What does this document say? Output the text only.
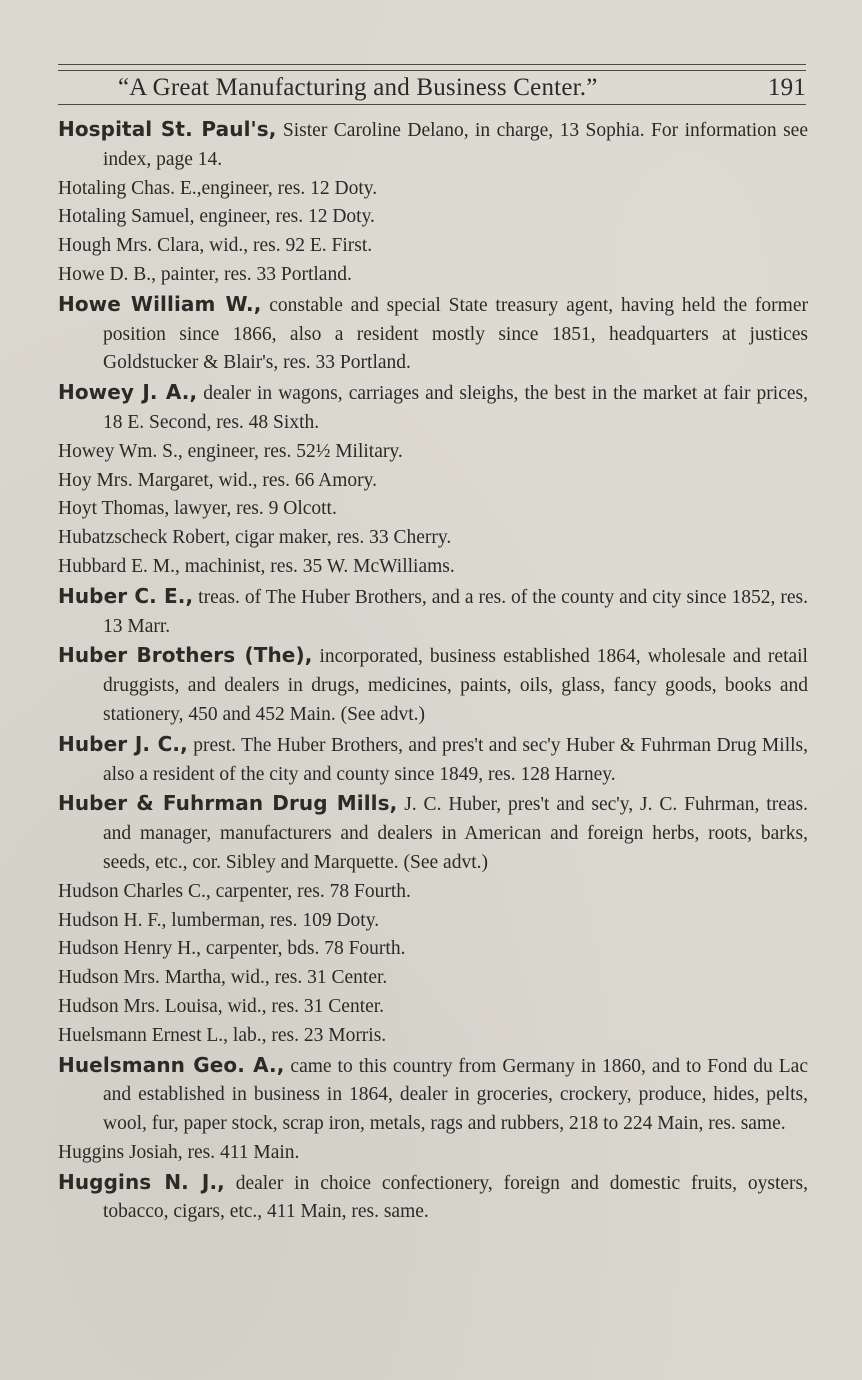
“A Great Manufacturing and Business Center.”	191

Hospital St. Paul's, Sister Caroline Delano, in charge, 13 Sophia. For information see index, page 14.

Hotaling Chas. E.,engineer, res. 12 Doty.

Hotaling Samuel, engineer, res. 12 Doty.

Hough Mrs. Clara, wid., res. 92 E. First.

Howe D. B., painter, res. 33 Portland.

Howe William W., constable and special State treasury agent, having held the former position since 1866, also a resident mostly since 1851, headquarters at justices Goldstucker & Blair's, res. 33 Portland.

Howey J. A., dealer in wagons, carriages and sleighs, the best in the market at fair prices, 18 E. Second, res. 48 Sixth.

Howey Wm. S., engineer, res. 52½ Military.

Hoy Mrs. Margaret, wid., res. 66 Amory.

Hoyt Thomas, lawyer, res. 9 Olcott.

Hubatzscheck Robert, cigar maker, res. 33 Cherry.

Hubbard E. M., machinist, res. 35 W. McWilliams.

Huber C. E., treas. of The Huber Brothers, and a res. of the county and city since 1852, res. 13 Marr.

Huber Brothers (The), incorporated, business established 1864, wholesale and retail druggists, and dealers in drugs, medicines, paints, oils, glass, fancy goods, books and stationery, 450 and 452 Main. (See advt.)

Huber J. C., prest. The Huber Brothers, and pres't and sec'y Huber & Fuhrman Drug Mills, also a resident of the city and county since 1849, res. 128 Harney.

Huber & Fuhrman Drug Mills, J. C. Huber, pres't and sec'y, J. C. Fuhrman, treas. and manager, manufacturers and dealers in American and foreign herbs, roots, barks, seeds, etc., cor. Sibley and Marquette. (See advt.)

Hudson Charles C., carpenter, res. 78 Fourth.

Hudson H. F., lumberman, res. 109 Doty.

Hudson Henry H., carpenter, bds. 78 Fourth.

Hudson Mrs. Martha, wid., res. 31 Center.

Hudson Mrs. Louisa, wid., res. 31 Center.

Huelsmann Ernest L., lab., res. 23 Morris.

Huelsmann Geo. A., came to this country from Germany in 1860, and to Fond du Lac and established in business in 1864, dealer in groceries, crockery, produce, hides, pelts, wool, fur, paper stock, scrap iron, metals, rags and rubbers, 218 to 224 Main, res. same.

Huggins Josiah, res. 411 Main.

Huggins N. J., dealer in choice confectionery, foreign and domestic fruits, oysters, tobacco, cigars, etc., 411 Main, res. same.
